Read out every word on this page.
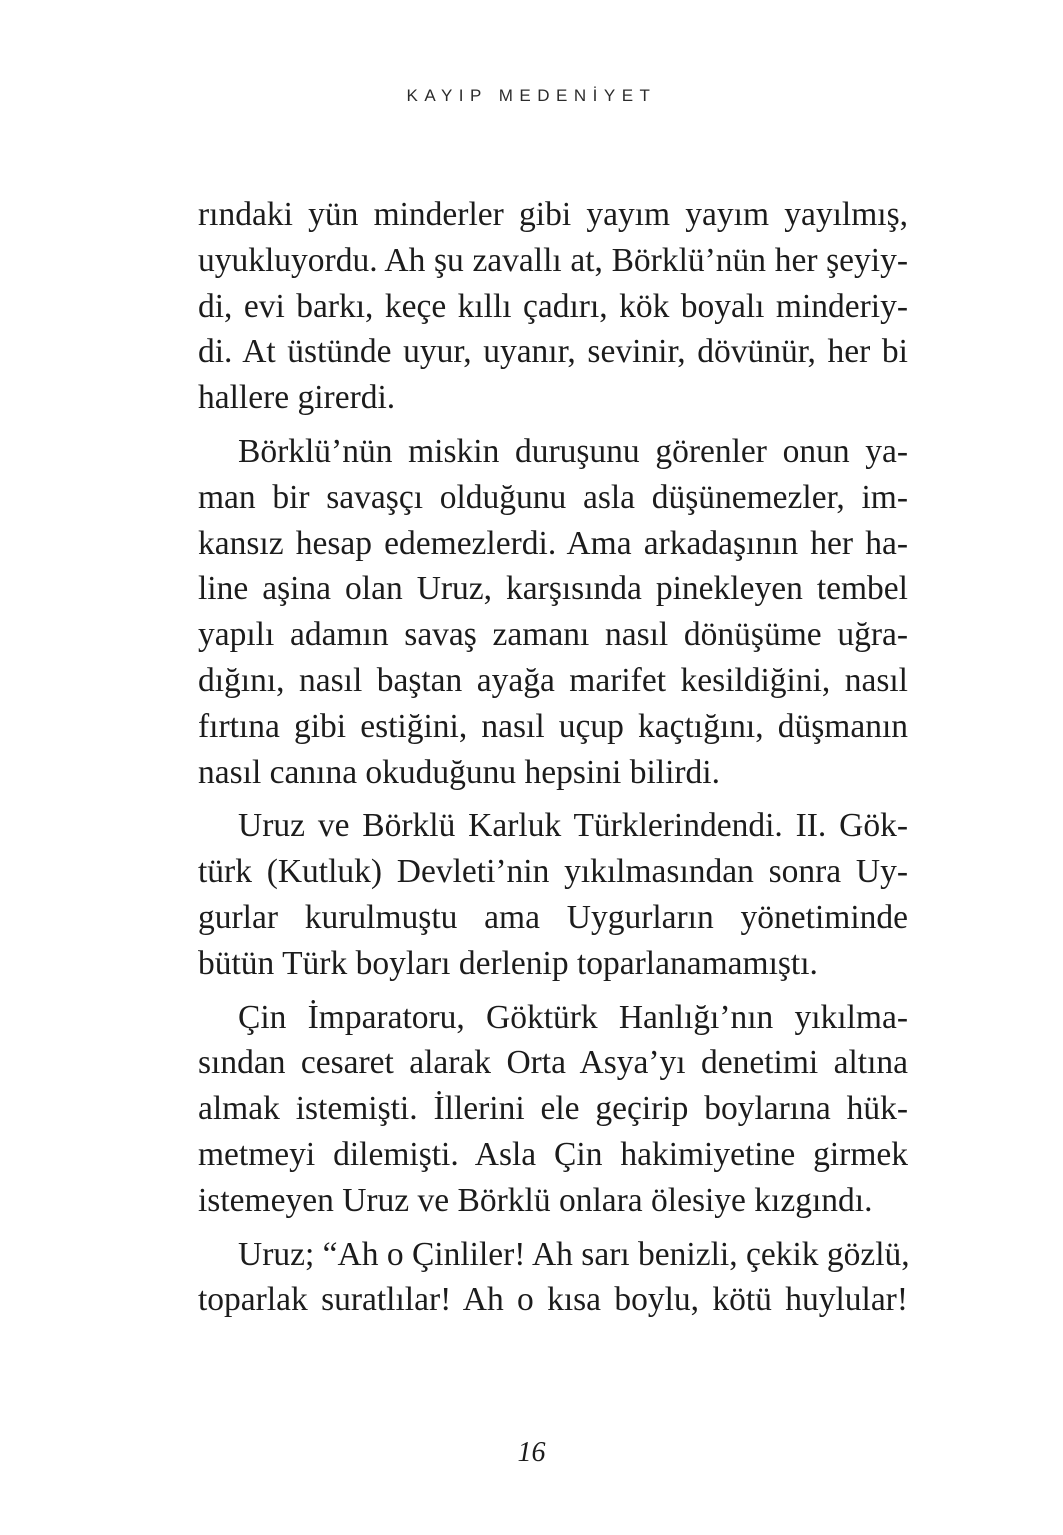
KAYIP MEDENİYET
rındaki yün minderler gibi yayım yayım yayılmış,
uyukluyordu. Ah şu zavallı at, Börklü’nün her şeyiy-
di, evi barkı, keçe kıllı çadırı, kök boyalı minderiy-
di. At üstünde uyur, uyanır, sevinir, dövünür, her bi
hallere girerdi.
Börklü’nün miskin duruşunu görenler onun ya-
man bir savaşçı olduğunu asla düşünemezler, im-
kansız hesap edemezlerdi. Ama arkadaşının her ha-
line aşina olan Uruz, karşısında pinekleyen tembel
yapılı adamın savaş zamanı nasıl dönüşüme uğra-
dığını, nasıl baştan ayağa marifet kesildiğini, nasıl
fırtına gibi estiğini, nasıl uçup kaçtığını, düşmanın
nasıl canına okuduğunu hepsini bilirdi.
Uruz ve Börklü Karluk Türklerindendi. II. Gök-
türk (Kutluk) Devleti’nin yıkılmasından sonra Uy-
gurlar kurulmuştu ama Uygurların yönetiminde
bütün Türk boyları derlenip toparlanamamıştı.
Çin İmparatoru, Göktürk Hanlığı’nın yıkılma-
sından cesaret alarak Orta Asya’yı denetimi altına
almak istemişti. İllerini ele geçirip boylarına hük-
metmeyi dilemişti. Asla Çin hakimiyetine girmek
istemeyen Uruz ve Börklü onlara ölesiye kızgındı.
Uruz; “Ah o Çinliler! Ah sarı benizli, çekik gözlü,
toparlak suratlılar! Ah o kısa boylu, kötü huylular!
16
